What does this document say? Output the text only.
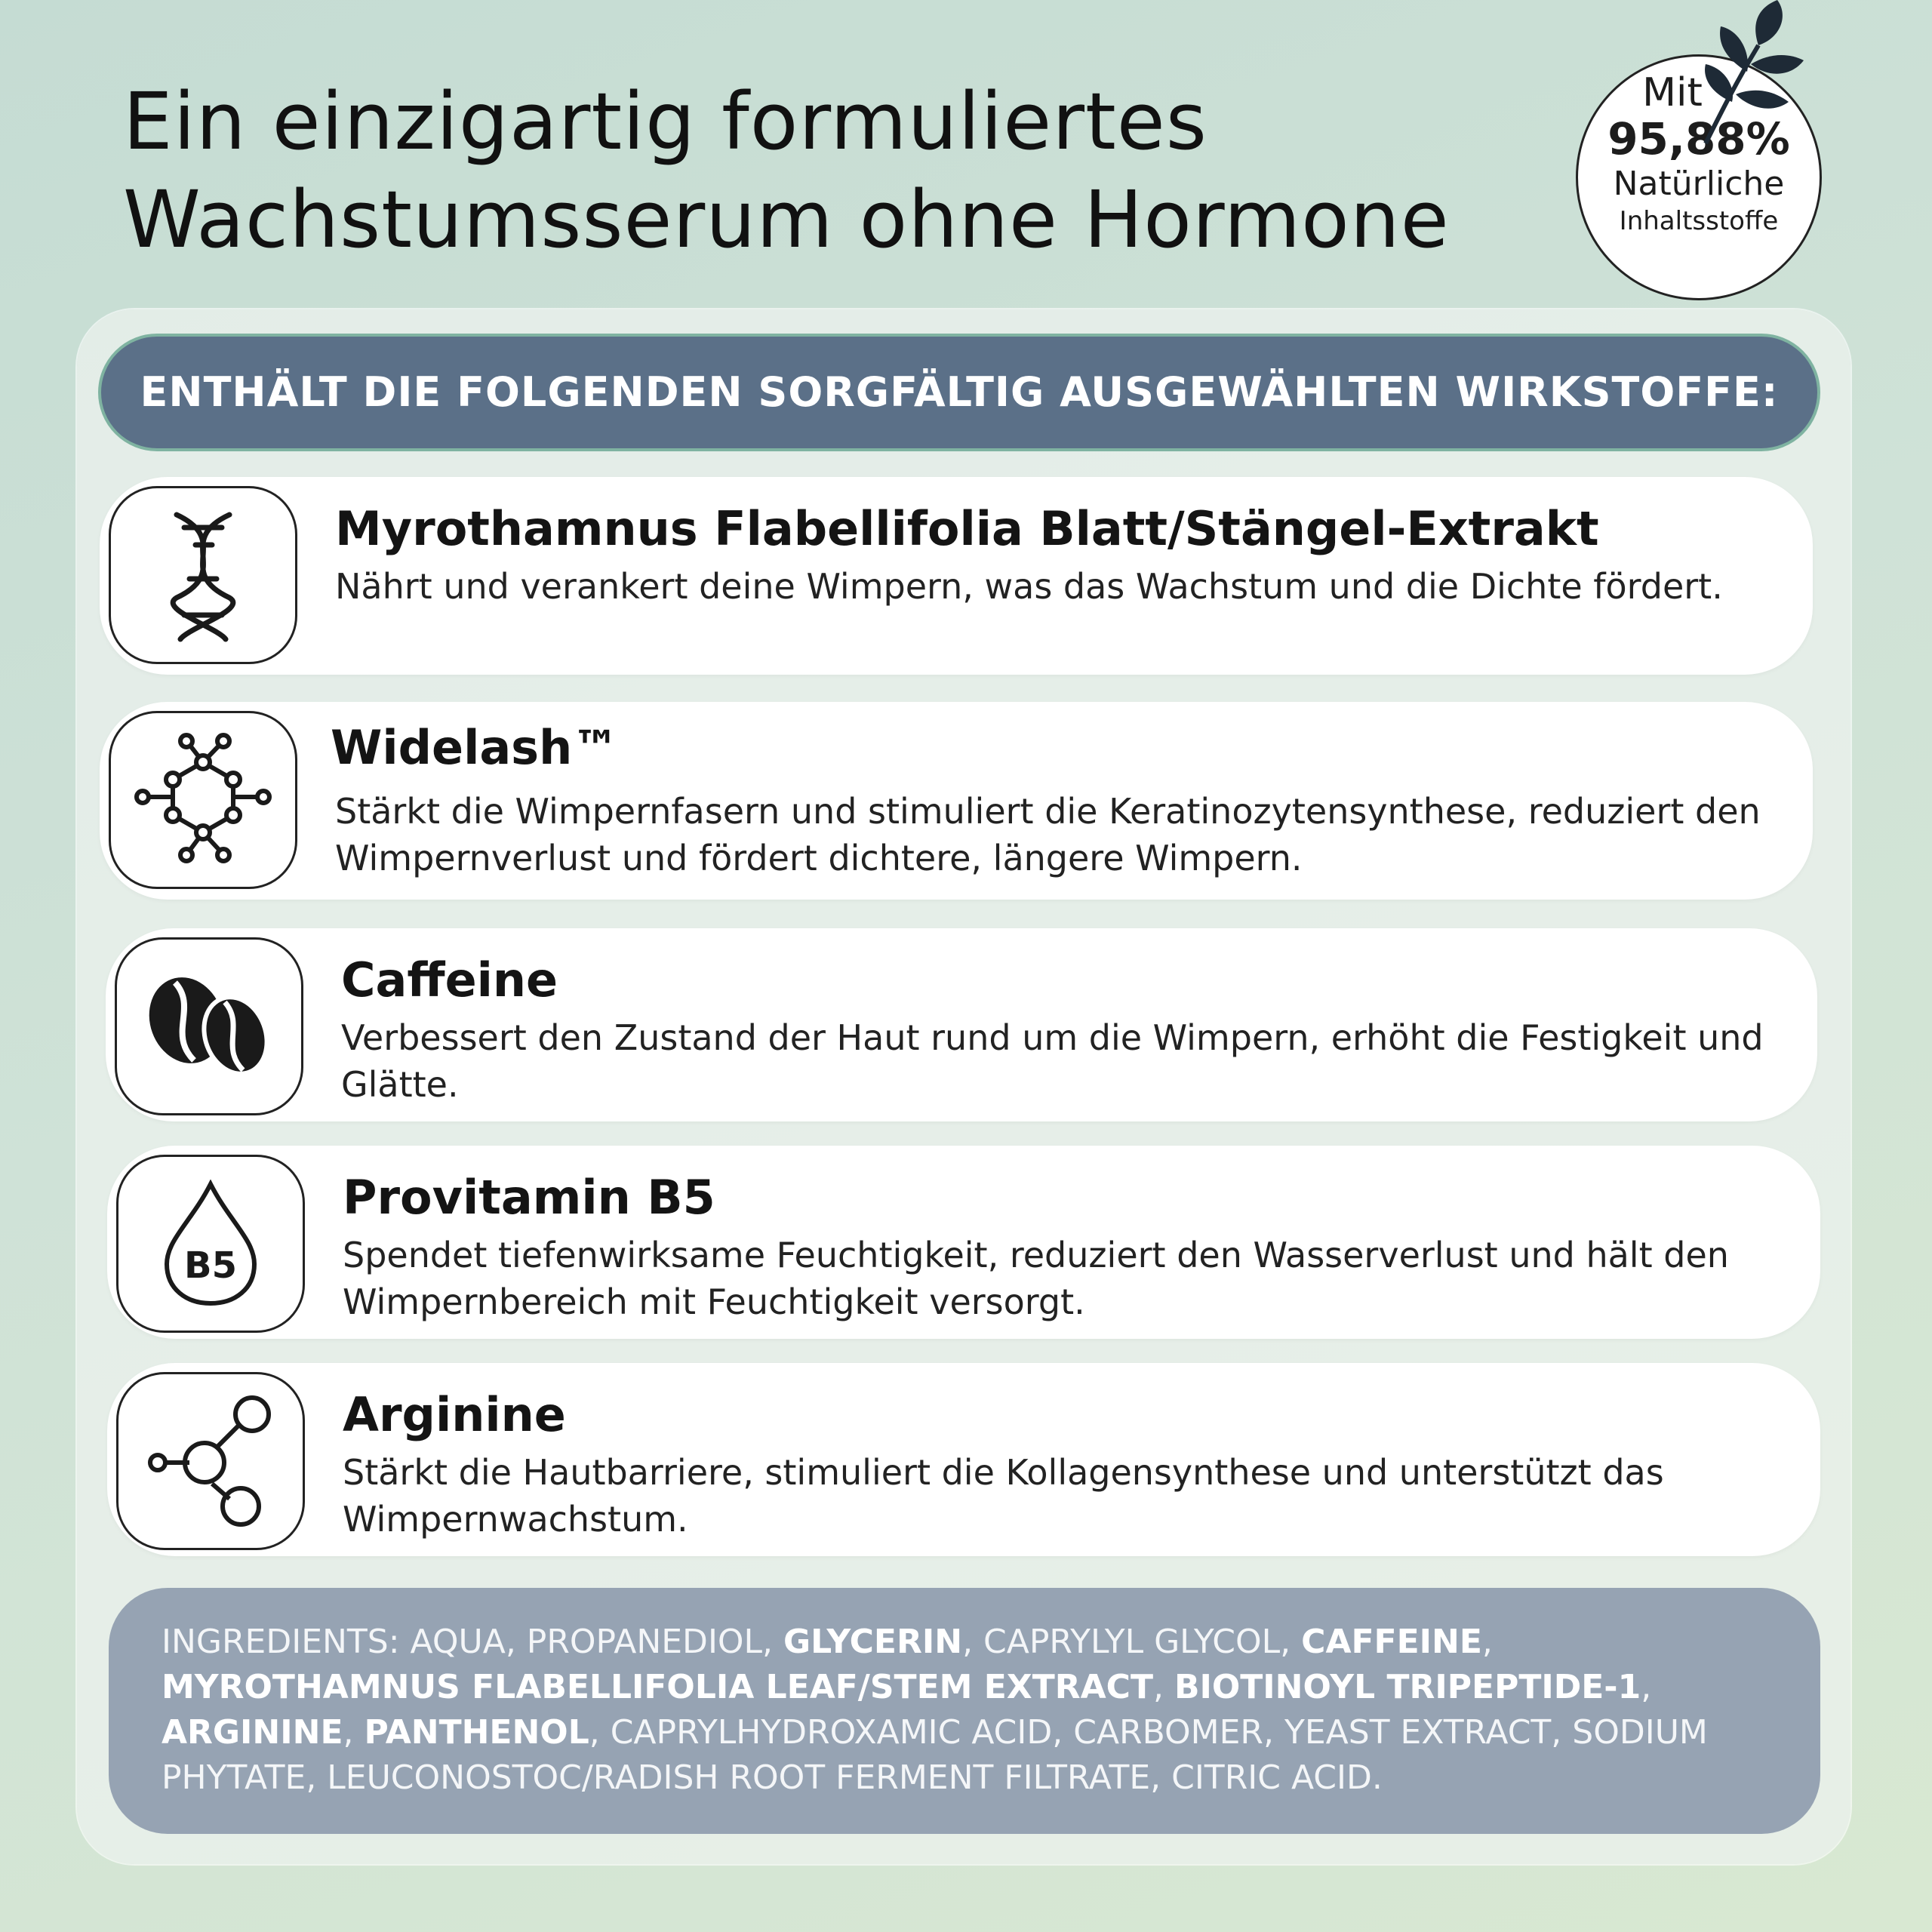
Ein einzigartig formuliertes
Wachstumsserum ohne Hormone
Mit
95,88%
Natürliche
Inhaltsstoffe
ENTHÄLT DIE FOLGENDEN SORGFÄLTIG AUSGEWÄHLTEN WIRKSTOFFE:
Myrothamnus Flabellifolia Blatt/Stängel-Extrakt
Nährt und verankert deine Wimpern, was das Wachstum und die Dichte fördert.
Widelash™
Stärkt die Wimpernfasern und stimuliert die Keratinozytensynthese, reduziert den Wimpernverlust und fördert dichtere, längere Wimpern.
Caffeine
Verbessert den Zustand der Haut rund um die Wimpern, erhöht die Festigkeit und Glätte.
B5
Provitamin B5
Spendet tiefenwirksame Feuchtigkeit, reduziert den Wasserverlust und hält den Wimpernbereich mit Feuchtigkeit versorgt.
Arginine
Stärkt die Hautbarriere, stimuliert die Kollagensynthese und unterstützt das Wimpernwachstum.
INGREDIENTS: AQUA, PROPANEDIOL, GLYCERIN, CAPRYLYL GLYCOL, CAFFEINE, MYROTHAMNUS FLABELLIFOLIA LEAF/STEM EXTRACT, BIOTINOYL TRIPEPTIDE-1, ARGININE, PANTHENOL, CAPRYLHYDROXAMIC ACID, CARBOMER, YEAST EXTRACT, SODIUM PHYTATE, LEUCONOSTOC/RADISH ROOT FERMENT FILTRATE, CITRIC ACID.
